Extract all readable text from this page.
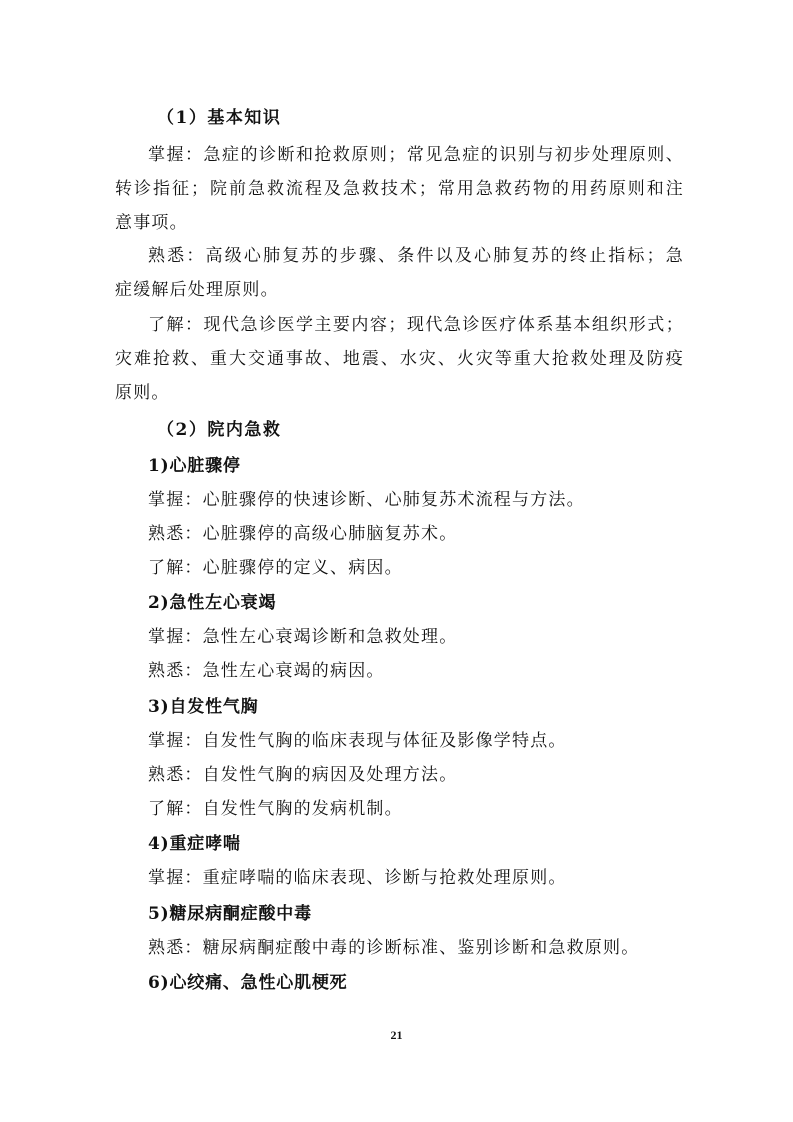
（1）基本知识
掌握：急症的诊断和抢救原则；常见急症的识别与初步处理原则、
转诊指征；院前急救流程及急救技术；常用急救药物的用药原则和注
意事项。
熟悉：高级心肺复苏的步骤、条件以及心肺复苏的终止指标；急
症缓解后处理原则。
了解：现代急诊医学主要内容；现代急诊医疗体系基本组织形式；
灾难抢救、重大交通事故、地震、水灾、火灾等重大抢救处理及防疫
原则。
（2）院内急救
1)心脏骤停
掌握：心脏骤停的快速诊断、心肺复苏术流程与方法。
熟悉：心脏骤停的高级心肺脑复苏术。
了解：心脏骤停的定义、病因。
2)急性左心衰竭
掌握：急性左心衰竭诊断和急救处理。
熟悉：急性左心衰竭的病因。
3)自发性气胸
掌握：自发性气胸的临床表现与体征及影像学特点。
熟悉：自发性气胸的病因及处理方法。
了解：自发性气胸的发病机制。
4)重症哮喘
掌握：重症哮喘的临床表现、诊断与抢救处理原则。
5)糖尿病酮症酸中毒
熟悉：糖尿病酮症酸中毒的诊断标准、鉴别诊断和急救原则。
6)心绞痛、急性心肌梗死
21
